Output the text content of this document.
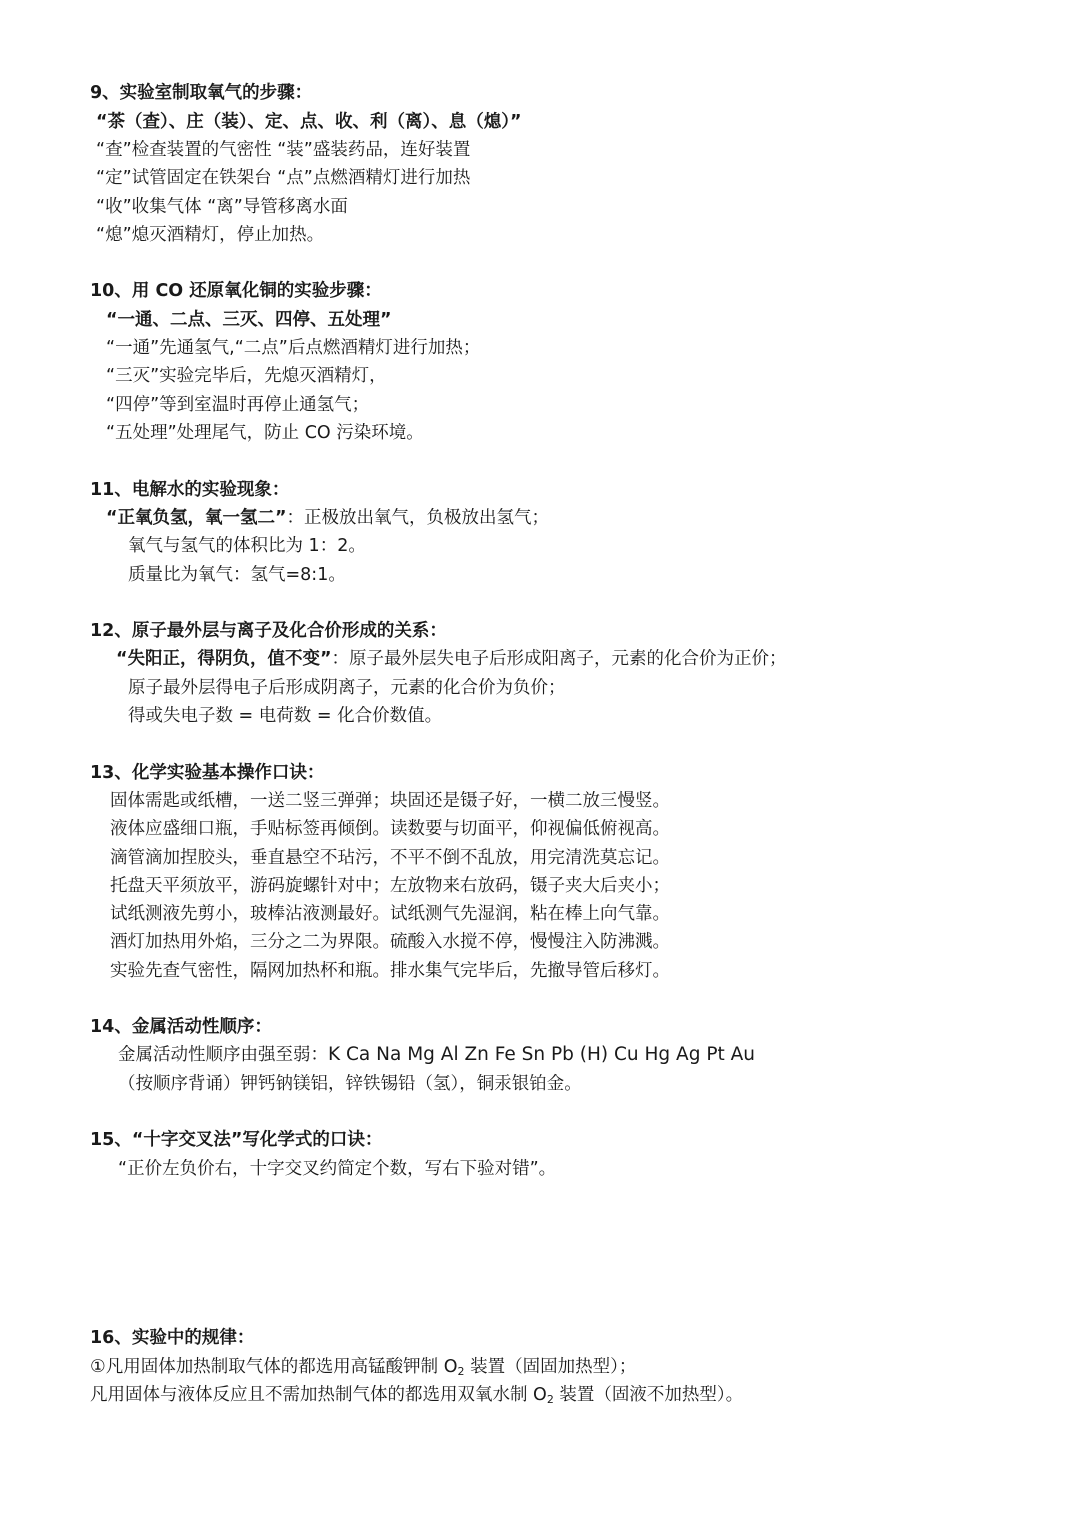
9、实验室制取氧气的步骤：
“茶（查）、庄（装）、定、点、收、利（离）、息（熄）”
“查”检查装置的气密性 “装”盛装药品，连好装置
“定”试管固定在铁架台 “点”点燃酒精灯进行加热
“收”收集气体 “离”导管移离水面
“熄”熄灭酒精灯，停止加热。
10、用 CO 还原氧化铜的实验步骤：
“一通、二点、三灭、四停、五处理”
“一通”先通氢气,“二点”后点燃酒精灯进行加热；
“三灭”实验完毕后，先熄灭酒精灯，
“四停”等到室温时再停止通氢气；
“五处理”处理尾气，防止 CO 污染环境。
11、电解水的实验现象：
“正氧负氢，氧一氢二”：正极放出氧气，负极放出氢气；
氧气与氢气的体积比为 1：2。
质量比为氧气：氢气=8:1。
12、原子最外层与离子及化合价形成的关系：
“失阳正，得阴负，值不变”：原子最外层失电子后形成阳离子，元素的化合价为正价；
原子最外层得电子后形成阴离子，元素的化合价为负价；
得或失电子数 = 电荷数 = 化合价数值。
13、化学实验基本操作口诀：
固体需匙或纸槽，一送二竖三弹弹；块固还是镊子好，一横二放三慢竖。
液体应盛细口瓶，手贴标签再倾倒。读数要与切面平，仰视偏低俯视高。
滴管滴加捏胶头，垂直悬空不玷污，不平不倒不乱放，用完清洗莫忘记。
托盘天平须放平，游码旋螺针对中；左放物来右放码，镊子夹大后夹小；
试纸测液先剪小，玻棒沾液测最好。试纸测气先湿润，粘在棒上向气靠。
酒灯加热用外焰，三分之二为界限。硫酸入水搅不停，慢慢注入防沸溅。
实验先查气密性，隔网加热杯和瓶。排水集气完毕后，先撤导管后移灯。
14、金属活动性顺序：
金属活动性顺序由强至弱：K Ca Na Mg Al Zn Fe Sn Pb (H) Cu Hg Ag Pt Au
（按顺序背诵）钾钙钠镁铝，锌铁锡铅（氢），铜汞银铂金。
15、“十字交叉法”写化学式的口诀：
“正价左负价右，十字交叉约简定个数，写右下验对错”。
16、实验中的规律：
①凡用固体加热制取气体的都选用高锰酸钾制 $O_2$ 装置（固固加热型）；
凡用固体与液体反应且不需加热制气体的都选用双氧水制 $O_2$ 装置（固液不加热型）。
